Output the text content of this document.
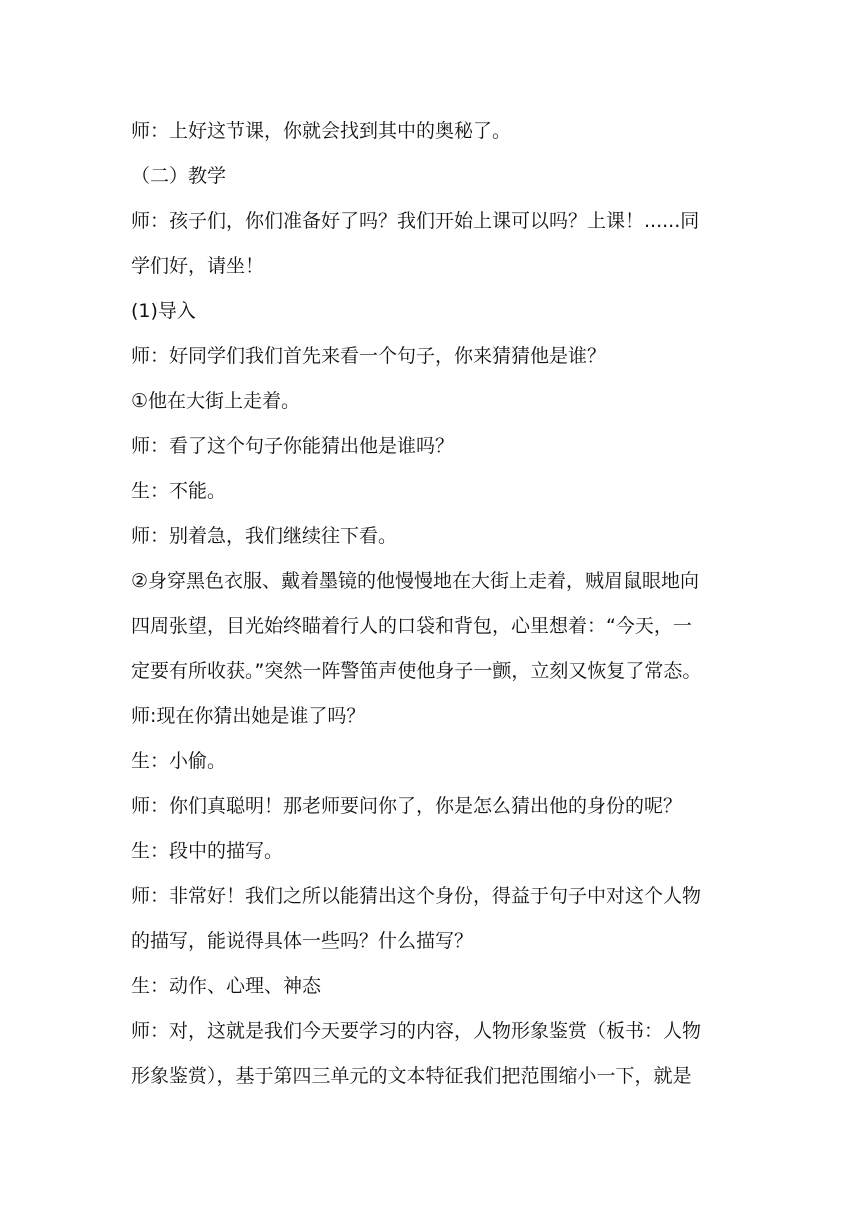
师：上好这节课，你就会找到其中的奥秘了。

（二）教学

师：孩子们，你们准备好了吗？我们开始上课可以吗？上课！......同

学们好，请坐！

(1)导入

师：好同学们我们首先来看一个句子，你来猜猜他是谁？

①他在大街上走着。

师：看了这个句子你能猜出他是谁吗？

生：不能。

师：别着急，我们继续往下看。

②身穿黑色衣服、戴着墨镜的他慢慢地在大街上走着，贼眉鼠眼地向

四周张望，目光始终瞄着行人的口袋和背包，心里想着：“今天，一

定要有所收获。”突然一阵警笛声使他身子一颤，立刻又恢复了常态。

师:现在你猜出她是谁了吗？

生：小偷。

师：你们真聪明！那老师要问你了，你是怎么猜出他的身份的呢？

生：段中的描写。

师：非常好！我们之所以能猜出这个身份，得益于句子中对这个人物

的描写，能说得具体一些吗？什么描写？

生：动作、心理、神态

师：对，这就是我们今天要学习的内容，人物形象鉴赏（板书：人物

形象鉴赏），基于第四三单元的文本特征我们把范围缩小一下，就是
